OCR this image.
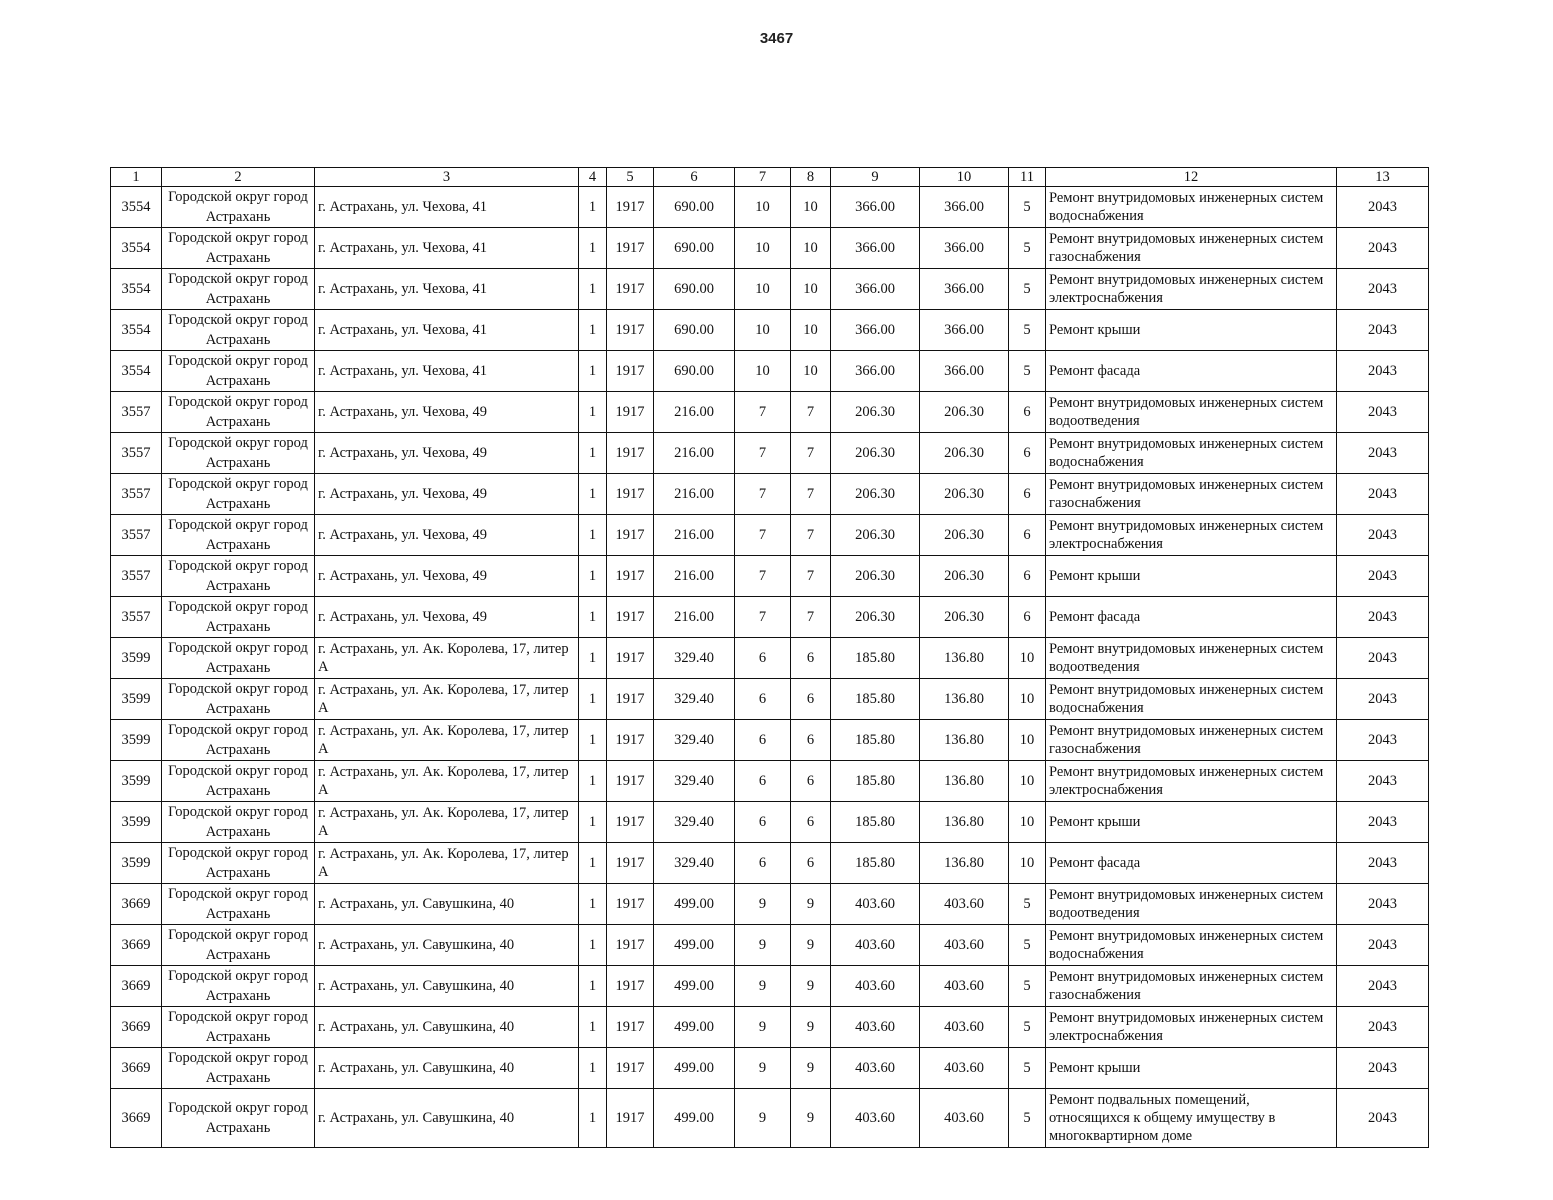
3467
1	2	3	4	5	6	7	8	9	10	11	12	13
3554	Городской округ город Астрахань	г. Астрахань, ул. Чехова, 41	1	1917	690.00	10	10	366.00	366.00	5	Ремонт внутридомовых инженерных систем водоснабжения	2043
3554	Городской округ город Астрахань	г. Астрахань, ул. Чехова, 41	1	1917	690.00	10	10	366.00	366.00	5	Ремонт внутридомовых инженерных систем газоснабжения	2043
3554	Городской округ город Астрахань	г. Астрахань, ул. Чехова, 41	1	1917	690.00	10	10	366.00	366.00	5	Ремонт внутридомовых инженерных систем электроснабжения	2043
3554	Городской округ город Астрахань	г. Астрахань, ул. Чехова, 41	1	1917	690.00	10	10	366.00	366.00	5	Ремонт крыши	2043
3554	Городской округ город Астрахань	г. Астрахань, ул. Чехова, 41	1	1917	690.00	10	10	366.00	366.00	5	Ремонт фасада	2043
3557	Городской округ город Астрахань	г. Астрахань, ул. Чехова, 49	1	1917	216.00	7	7	206.30	206.30	6	Ремонт внутридомовых инженерных систем водоотведения	2043
3557	Городской округ город Астрахань	г. Астрахань, ул. Чехова, 49	1	1917	216.00	7	7	206.30	206.30	6	Ремонт внутридомовых инженерных систем водоснабжения	2043
3557	Городской округ город Астрахань	г. Астрахань, ул. Чехова, 49	1	1917	216.00	7	7	206.30	206.30	6	Ремонт внутридомовых инженерных систем газоснабжения	2043
3557	Городской округ город Астрахань	г. Астрахань, ул. Чехова, 49	1	1917	216.00	7	7	206.30	206.30	6	Ремонт внутридомовых инженерных систем электроснабжения	2043
3557	Городской округ город Астрахань	г. Астрахань, ул. Чехова, 49	1	1917	216.00	7	7	206.30	206.30	6	Ремонт крыши	2043
3557	Городской округ город Астрахань	г. Астрахань, ул. Чехова, 49	1	1917	216.00	7	7	206.30	206.30	6	Ремонт фасада	2043
3599	Городской округ город Астрахань	г. Астрахань, ул. Ак. Королева, 17, литер А	1	1917	329.40	6	6	185.80	136.80	10	Ремонт внутридомовых инженерных систем водоотведения	2043
3599	Городской округ город Астрахань	г. Астрахань, ул. Ак. Королева, 17, литер А	1	1917	329.40	6	6	185.80	136.80	10	Ремонт внутридомовых инженерных систем водоснабжения	2043
3599	Городской округ город Астрахань	г. Астрахань, ул. Ак. Королева, 17, литер А	1	1917	329.40	6	6	185.80	136.80	10	Ремонт внутридомовых инженерных систем газоснабжения	2043
3599	Городской округ город Астрахань	г. Астрахань, ул. Ак. Королева, 17, литер А	1	1917	329.40	6	6	185.80	136.80	10	Ремонт внутридомовых инженерных систем электроснабжения	2043
3599	Городской округ город Астрахань	г. Астрахань, ул. Ак. Королева, 17, литер А	1	1917	329.40	6	6	185.80	136.80	10	Ремонт крыши	2043
3599	Городской округ город Астрахань	г. Астрахань, ул. Ак. Королева, 17, литер А	1	1917	329.40	6	6	185.80	136.80	10	Ремонт фасада	2043
3669	Городской округ город Астрахань	г. Астрахань, ул. Савушкина, 40	1	1917	499.00	9	9	403.60	403.60	5	Ремонт внутридомовых инженерных систем водоотведения	2043
3669	Городской округ город Астрахань	г. Астрахань, ул. Савушкина, 40	1	1917	499.00	9	9	403.60	403.60	5	Ремонт внутридомовых инженерных систем водоснабжения	2043
3669	Городской округ город Астрахань	г. Астрахань, ул. Савушкина, 40	1	1917	499.00	9	9	403.60	403.60	5	Ремонт внутридомовых инженерных систем газоснабжения	2043
3669	Городской округ город Астрахань	г. Астрахань, ул. Савушкина, 40	1	1917	499.00	9	9	403.60	403.60	5	Ремонт внутридомовых инженерных систем электроснабжения	2043
3669	Городской округ город Астрахань	г. Астрахань, ул. Савушкина, 40	1	1917	499.00	9	9	403.60	403.60	5	Ремонт крыши	2043
3669	Городской округ город Астрахань	г. Астрахань, ул. Савушкина, 40	1	1917	499.00	9	9	403.60	403.60	5	Ремонт подвальных помещений, относящихся к общему имуществу в многоквартирном доме	2043
